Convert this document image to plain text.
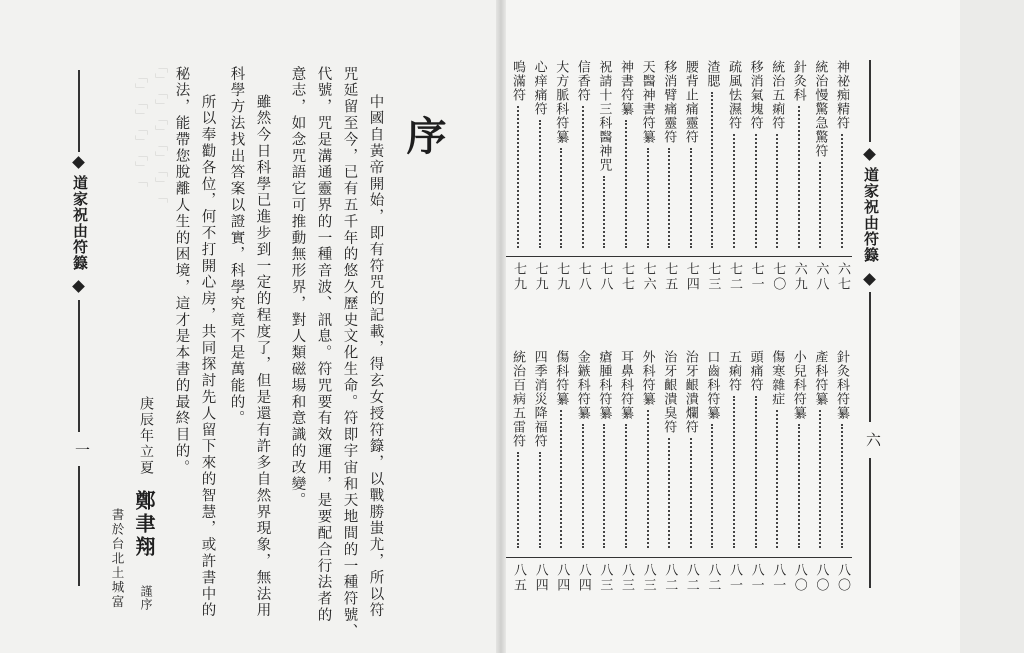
﹁﹂﹁﹂﹁﹂﹁﹂﹁﹂﹁
﹁﹂﹁﹂﹁﹂﹁﹂﹁
道家祝由符籙
一
序
中國自黃帝開始，即有符咒的記載，得玄女授符籙，以戰勝蚩尤，所以符
咒延留至今，已有五千年的悠久歷史文化生命。符即宇宙和天地間的一種符號、
代號，咒是溝通靈界的一種音波、訊息。符咒要有效運用，是要配合行法者的
意志，如念咒語它可推動無形界，對人類磁場和意識的改變。
雖然今日科學已進步到一定的程度了，但是還有許多自然界現象，無法用
科學方法找出答案以證實，科學究竟不是萬能的。
所以奉勸各位，何不打開心房，共同探討先人留下來的智慧，或許書中的
秘法，能帶您脫離人生的困境，這才是本書的最終目的。
庚辰年立夏
鄭聿翔
謹序
書於台北土城富
道家祝由符籙
六
神祕痴精符
六七
統治慢驚急驚符
六八
針灸科
六九
統治五痢符
七〇
移消氣塊符
七一
疏風怯濕符
七二
渣腮
七三
腰背止痛靈符
七四
移消臂痛靈符
七五
天醫神書符纂
七六
神書符纂
七七
祝請十三科醫神咒
七八
信香符
七八
大方脈科符纂
七九
心痒痛符
七九
嗚滿符
七九
針灸科符纂
八〇
產科符纂
八〇
小兒科符纂
八〇
傷寒雜症
八一
頭痛符
八一
五痢符
八一
口齒科符纂
八二
治牙齦潰爛符
八二
治牙齦潰臭符
八二
外科符纂
八三
耳鼻科符纂
八三
瘡腫科符纂
八三
金鏃科符纂
八四
傷科符纂
八四
四季消災降福符
八四
統治百病五雷符
八五
